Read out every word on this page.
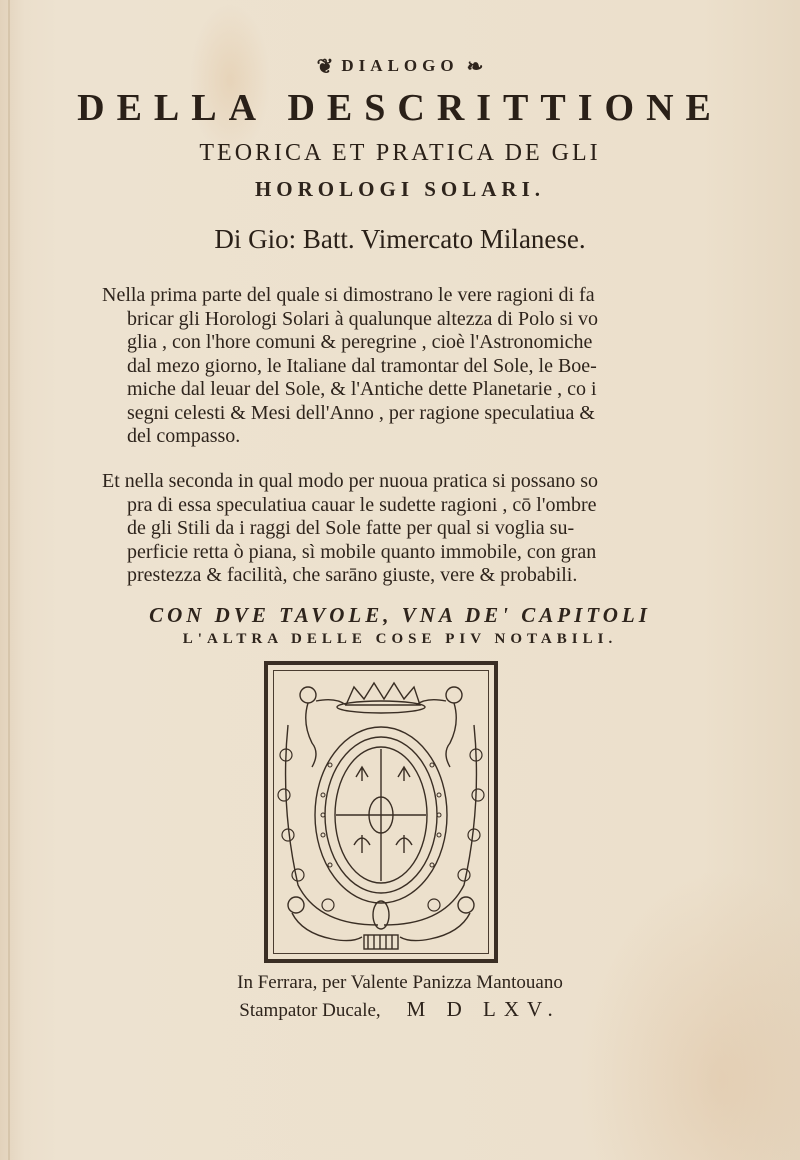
❦ DIALOGO ❧
DELLA DESCRITTIONE
TEORICA ET PRATICA DE GLI
HOROLOGI SOLARI.
Di Gio: Batt. Vimercato Milanese.
Nella prima parte del quale si dimostrano le vere ragioni di fa
bricar gli Horologi Solari à qualunque altezza di Polo si vo
glia , con l'hore comuni & peregrine , cioè l'Astronomiche
dal mezo giorno, le Italiane dal tramontar del Sole, le Boe-
miche dal leuar del Sole, & l'Antiche dette Planetarie , co i
segni celesti & Mesi dell'Anno , per ragione speculatiua &
del compasso.
Et nella seconda in qual modo per nuoua pratica si possano so
pra di essa speculatiua cauar le sudette ragioni , cō l'ombre
de gli Stili da i raggi del Sole fatte per qual si voglia su-
perficie retta ò piana, sì mobile quanto immobile, con gran
prestezza & facilità, che sarāno giuste, vere & probabili.
CON DVE TAVOLE, VNA DE' CAPITOLI
L'ALTRA DELLE COSE PIV NOTABILI.
In Ferrara, per Valente Panizza Mantouano
Stampator Ducale, M D LXV.
